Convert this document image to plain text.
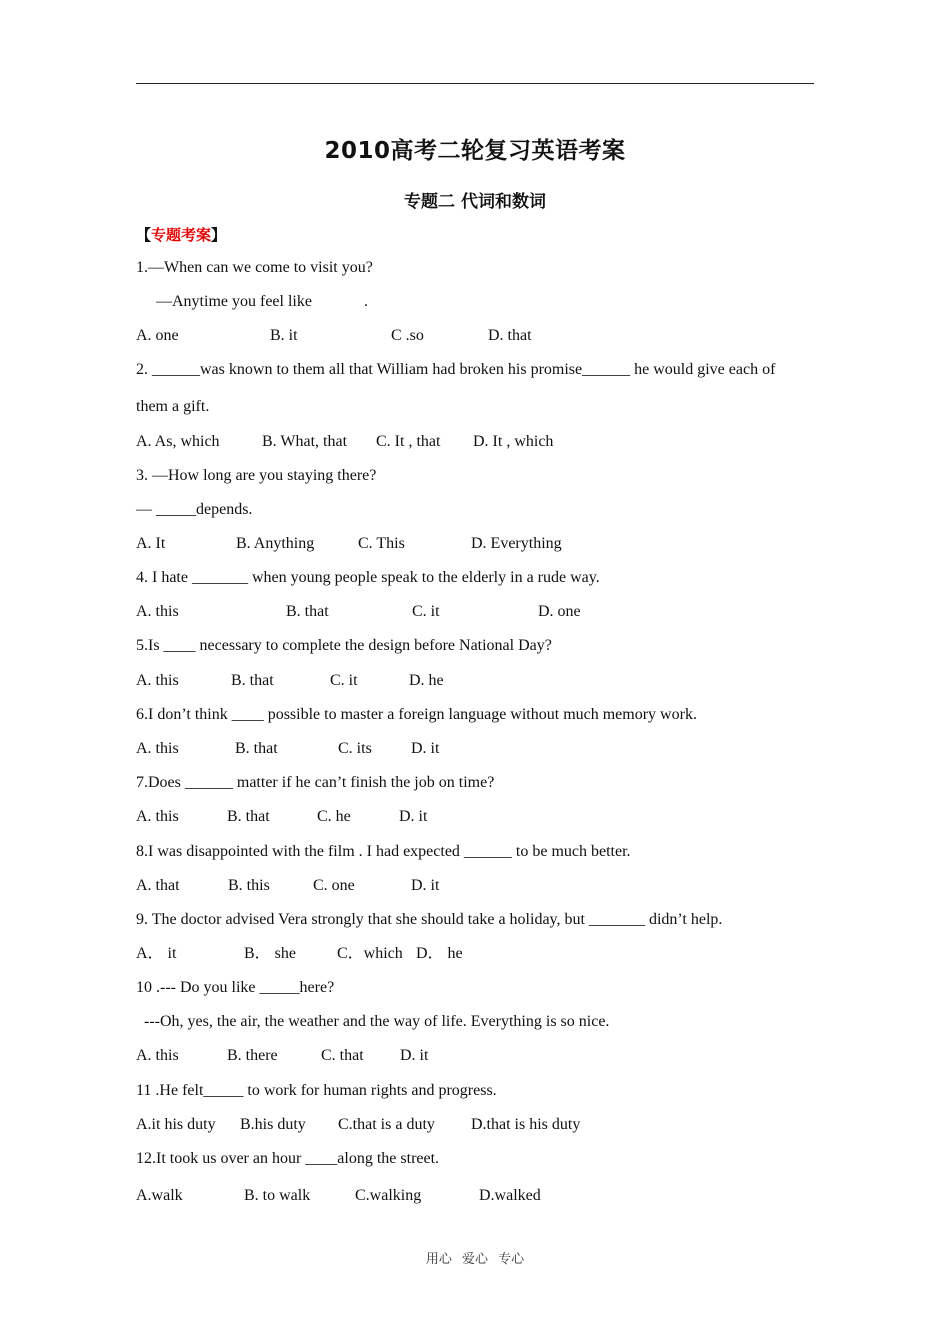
2010高考二轮复习英语考案
专题二 代词和数词
【专题考案】
1.—When can we come to visit you?
—Anytime you feel like             .
A. one	B. it	C .so	D. that
2. ______was known to them all that William had broken his promise______ he would give each of
them a gift.
A. As, which	B. What, that C. It , that D. It , which
3. —How long are you staying there?
— _____depends.
A. It	B. Anything	C. This	D. Everything
4. I hate _______ when young people speak to the elderly in a rude way.
A. this	B. that	C. it	D. one
5.Is ____ necessary to complete the design before National Day?
A. this	B. that	C. it	D. he
6.I don’t think ____ possible to master a foreign language without much memory work.
A. this	B. that	C. its D. it
7.Does ______ matter if he can’t finish the job on time?
A. this	B. that	C. he	D. it
8.I was disappointed with the film . I had expected ______ to be much better.
A. that	B. this	C. one	D. it
9. The doctor advised Vera strongly that she should take a holiday, but _______ didn’t help.
A． it	B． she	C．which D． he
10 .--- Do you like _____here?
---Oh, yes, the air, the weather and the way of life. Everything is so nice.
A. this	B. there	C. that D. it
11 .He felt_____ to work for human rights and progress.
A.it his duty B.his duty C.that is a duty D.that is his duty
12.It took us over an hour ____along the street.
A.walk	B. to walk	C.walking	D.walked
用心 爱心 专心
